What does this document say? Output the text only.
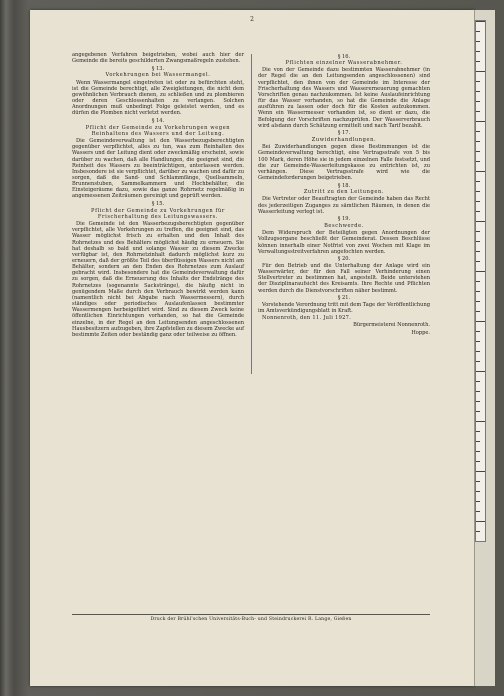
2

angegebenen Verfahren beigetrieben, wobei auch hier der Gemeinde die bereits geschilderten Zwangsmaßregeln zustehen.

§ 13.

Vorkehrungen bei Wassermangel.

Wenn Wassermangel eingetreten ist oder zu befürchten steht, ist die Gemeinde berechtigt, alle Zweigleitungen, die nicht dem gewöhnlichen Verbrauch dienen, zu schließen und zu plombieren oder deren Geschlossenhalten zu verlangen. Solchen Anordnungen muß unbedingt Folge geleistet werden, und es dürfen die Plomben nicht verletzt werden.

§ 14.

Pflicht der Gemeinde zu Vorkehrungen wegen Reinhaltens des Wassers und der Leitung.

Die Gemeindeverwaltung ist den Wasserbezugsberechtigten gegenüber verpflichtet, alles zu tun, was zum Reinhalten des Wassers und der Leitung dient oder zweckmäßig erscheint, sowie darüber zu wachen, daß alle Handlungen, die geeignet sind, die Reinheit des Wassers zu beeinträchtigen, unterlassen werden. Insbesondere ist sie verpflichtet, darüber zu wachen und dafür zu sorgen, daß die Sand- und Schlammfänge, Quellsammeln, Brunnenstuben, Sammelkammern und Hochbehälter, die Einsteigeräume dazu, sowie das ganze Rohrnetz regelmäßig in angemessenen Zeiträumen gereinigt und geprüft werden.

§ 15.

Pflicht der Gemeinde zu Vorkehrungen für Frischerhaltung des Leitungswassers.

Die Gemeinde ist den Wasserbezugsberechtigten gegenüber verpflichtet, alle Vorkehrungen zu treffen, die geeignet sind, das Wasser möglichst frisch zu erhalten und den Inhalt des Rohrnetzes und des Behälters möglichst häufig zu erneuern. Sie hat deshalb so bald und solange Wasser zu diesem Zwecke verfügbar ist, den Rohrnetzinhalt dadurch möglichst kurz zu erneuern, daß der größte Teil des überflüssigen Wassers nicht am Behälter, sondern an den Enden des Rohrnetzes zum Auslauf gebracht wird. Insbesondere hat die Gemeindeverwaltung dafür zu sorgen, daß die Erneuerung des Inhalts der Endstränge des Rohrnetzes (sogenannte Sackstränge), die häufig nicht in genügendem Maße durch den Verbrauch bewirkt werden kann (namentlich nicht bei Abgabe nach Wassermessern), durch ständiges oder periodisches Auslaufenlassen bestimmter Wassermengen herbeigeführt wird. Sind zu diesem Zweck keine öffentlichen Einrichtungen vorhanden, so hat die Gemeinde einzelne, in der Regel an den Leitungsenden angeschlossenen Hausbesitzern aufzugeben, ihre Zapfstellen zu diesem Zwecke auf bestimmte Zeiten oder beständig ganz oder teilweise zu öffnen.

§ 16.

Pflichten einzelner Wasserabnehmer.

Die von der Gemeinde dazu bestimmten Wasserabnehmer (in der Regel die an den Leitungsenden angeschlossenen) sind verpflichtet, den ihnen von der Gemeinde im Interesse der Frischerhaltung des Wassers und Wassererneuerung gemachten Vorschriften genau nachzukommen. Ist keine Auslaufeinrichtung für das Wasser vorhanden, so hat die Gemeinde die Anlage ausführen zu lassen oder doch für die Kosten aufzukommen. Wenn ein Wassermesser vorhanden ist, so dient er dazu, die Befolgung der Vorschriften nachzuprüfen. Der Wasserverbrauch wird alsdann durch Schätzung ermittelt und nach Tarif bezahlt.

§ 17.

Zuwiderhandlungen.

Bei Zuwiderhandlungen gegen diese Bestimmungen ist die Gemeindeverwaltung berechtigt, eine Vertragsstrafe von 5 bis 100 Mark, deren Höhe sie in jedem einzelnen Falle festsetzt, und die zur Gemeinde-Wasserleitungskasse zu entrichten ist, zu verhängen. Diese Vertragsstrafe wird wie die Gemeindeforderungen beigetrieben.

§ 18.

Zutritt zu den Leitungen.

Die Vertreter oder Beauftragten der Gemeinde haben das Recht des jederzeitigen Zuganges zu sämtlichen Räumen, in denen die Wasserleitung verlegt ist.

§ 19.

Beschwerde.

Dem Widerspruch der Beteiligten gegen Anordnungen der Vollzugsorgane beschließt der Gemeinderat. Dessen Beschlüsse können innerhalb einer Notfrist von zwei Wochen mit Klage im Verwaltungsstreitverfahren angefochten werden.

§ 20.

Für den Betrieb und die Unterhaltung der Anlage wird ein Wasserwärter, der für den Fall seiner Verhinderung einen Stellvertreter zu bestimmen hat, angestellt. Beide unterstehen der Disziplinaraufsicht des Kreisamts. Ihre Rechte und Pflichten werden durch die Dienstvorschriften näher bestimmt.

§ 21.

Vorstehende Verordnung tritt mit dem Tage der Veröffentlichung im Amtsverkündigungsblatt in Kraft.

Nonnenroth, den 11. Juli 1927.

Bürgermeisterei Nonnenroth.

Hoppe.

Druck der Brühl'schen Universitäts-Buch- und Steindruckerei R. Lange, Gießen
